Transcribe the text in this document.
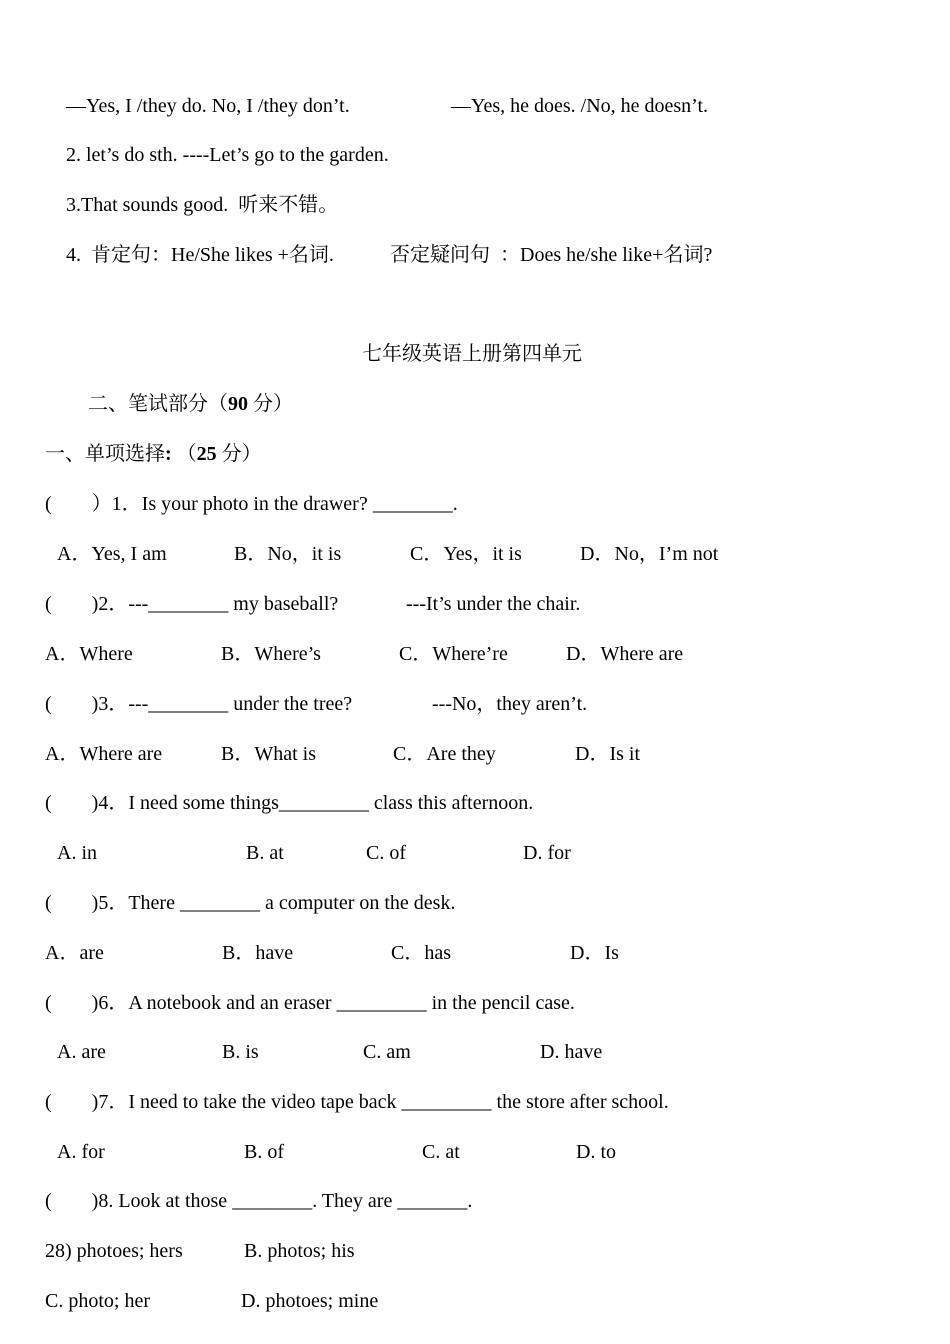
—Yes, I /they do. No, I /they don’t.	—Yes, he does. /No, he doesn’t.
2. let’s do sth. ----Let’s go to the garden.
3.That sounds good.  听来不错。
4.  肯定句：He/She likes +名词.	否定疑问句  ：Does he/she like+名词?
七年级英语上册第四单元
二、笔试部分（90 分）
一、单项选择: （25 分）
(        ）1．Is your photo in the drawer? ________.
A．Yes, I am	B．No，it is	C．Yes，it is	D．No，I’m not
(        )2．---________ my baseball?	---It’s under the chair.
A．Where	B．Where’s	C．Where’re	D．Where are
(        )3．---________ under the tree?	---No，they aren’t.
A．Where are	B．What is	C．Are they	D．Is it
(        )4．I need some things_________ class this afternoon.
A. in	B. at	C. of	D. for
(        )5．There ________ a computer on the desk.
A．are	B．have	C．has	D．Is
(        )6．A notebook and an eraser _________ in the pencil case.
A. are	B. is	C. am	D. have
(        )7．I need to take the video tape back _________ the store after school.
A. for	B. of	C. at	D. to
(        )8. Look at those ________. They are _______.
28) photoes; hers	B. photos; his
C. photo; her	D. photoes; mine
